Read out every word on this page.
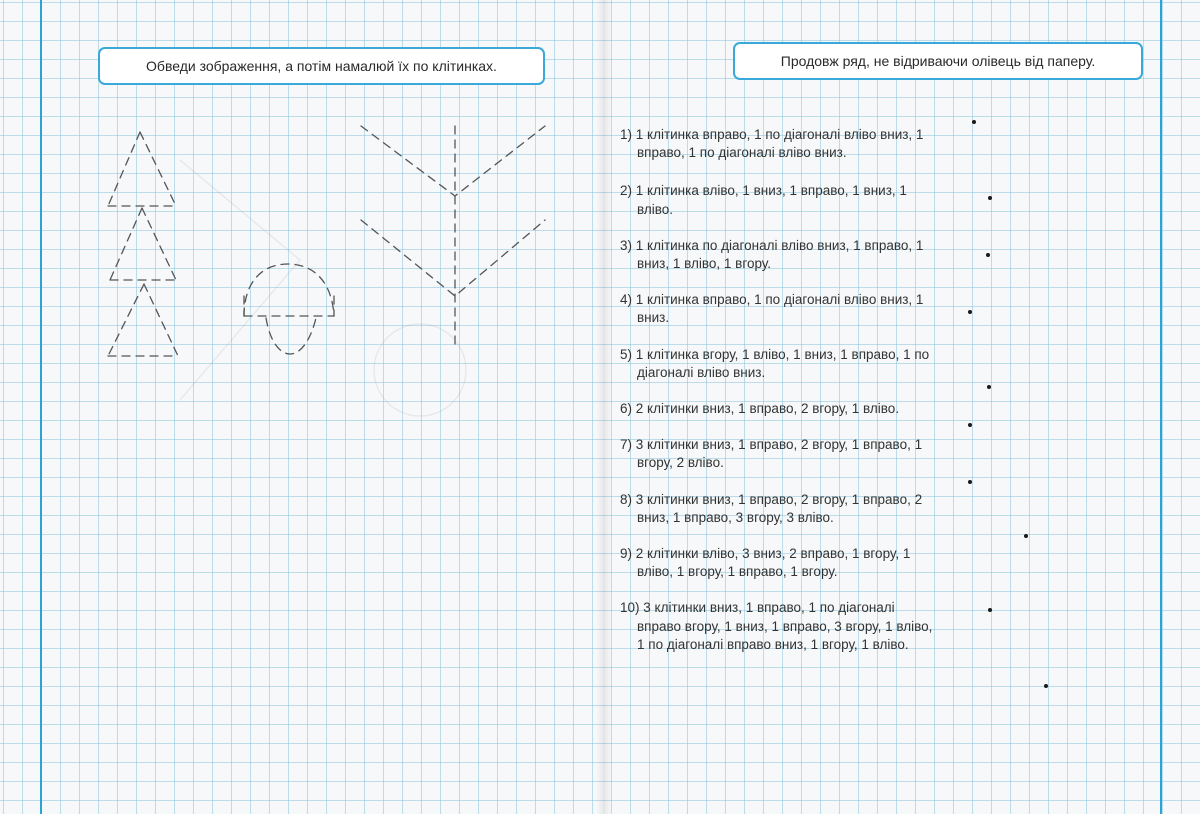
Обведи зображення, а потім намалюй їх по клітинках.	Продовж ряд, не відриваючи олівець від паперу.

1) 1 клітинка вправо, 1 по діагоналі вліво вниз, 1 вправо, 1 по діагоналі вліво вниз.

2) 1 клітинка вліво, 1 вниз, 1 вправо, 1 вниз, 1 вліво.

3) 1 клітинка по діагоналі вліво вниз, 1 вправо, 1 вниз, 1 вліво, 1 вгору.

4) 1 клітинка вправо, 1 по діагоналі вліво вниз, 1 вниз.

5) 1 клітинка вгору, 1 вліво, 1 вниз, 1 вправо, 1 по діагоналі вліво вниз.

6) 2 клітинки вниз, 1 вправо, 2 вгору, 1 вліво.

7) 3 клітинки вниз, 1 вправо, 2 вгору, 1 вправо, 1 вгору, 2 вліво.

8) 3 клітинки вниз, 1 вправо, 2 вгору, 1 вправо, 2 вниз, 1 вправо, 3 вгору, 3 вліво.

9) 2 клітинки вліво, 3 вниз, 2 вправо, 1 вгору, 1 вліво, 1 вгору, 1 вправо, 1 вгору.

10) 3 клітинки вниз, 1 вправо, 1 по діагоналі вправо вгору, 1 вниз, 1 вправо, 3 вгору, 1 вліво, 1 по діагоналі вправо вниз, 1 вгору, 1 вліво.
